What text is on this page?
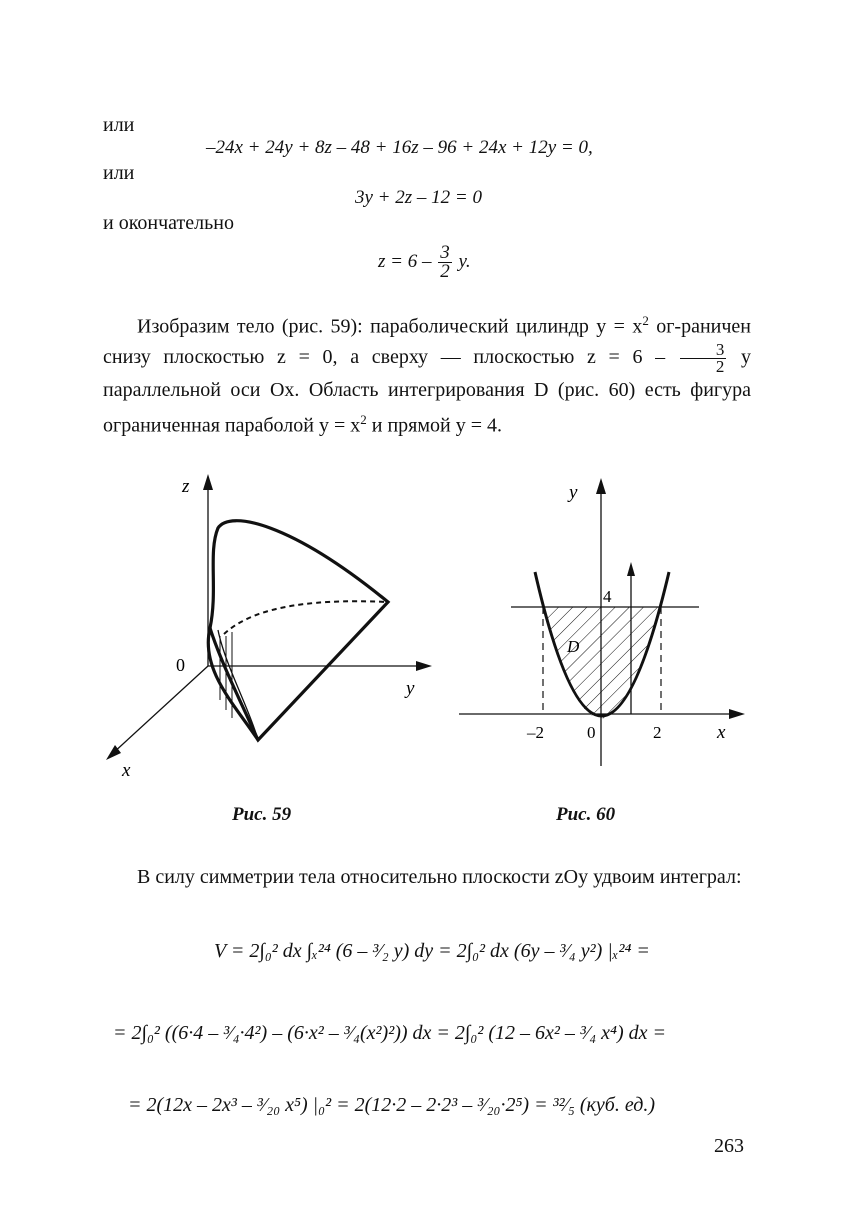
или
–24x + 24y + 8z – 48 + 16z – 96 + 24x + 12y = 0,
или
3y + 2z – 12 = 0
и окончательно
$z = 6 - \frac{3}{2} y$.
Изобразим тело (рис. 59): параболический цилиндр $y = x^2$ ог-раничен снизу плоскостью z = 0, а сверху — плоскостью $z = 6 - \frac{3}{2}$ y параллельной оси Ox. Область интегрирования D (рис. 60) есть фигура ограниченная параболой $y = x^2$ и прямой y = 4.
z
y
x
0
Рис. 59
y
x
4
D
–2	0	2
Рис. 60
В силу симметрии тела относительно плоскости zOy удвоим интеграл:
V = 2∫₀² dx ∫ₓ²⁴ (6 – ³⁄₂ y) dy = 2∫₀² dx (6y – ³⁄₄ y²) |ₓ²⁴ =
= 2∫₀² ((6·4 – ³⁄₄·4²) – (6·x² – ³⁄₄(x²)²)) dx = 2∫₀² (12 – 6x² – ³⁄₄ x⁴) dx =
= 2(12x – 2x³ – ³⁄₂₀ x⁵) |₀² = 2(12·2 – 2·2³ – ³⁄₂₀·2⁵) = ³²⁄₅ (куб. ед.)
263
